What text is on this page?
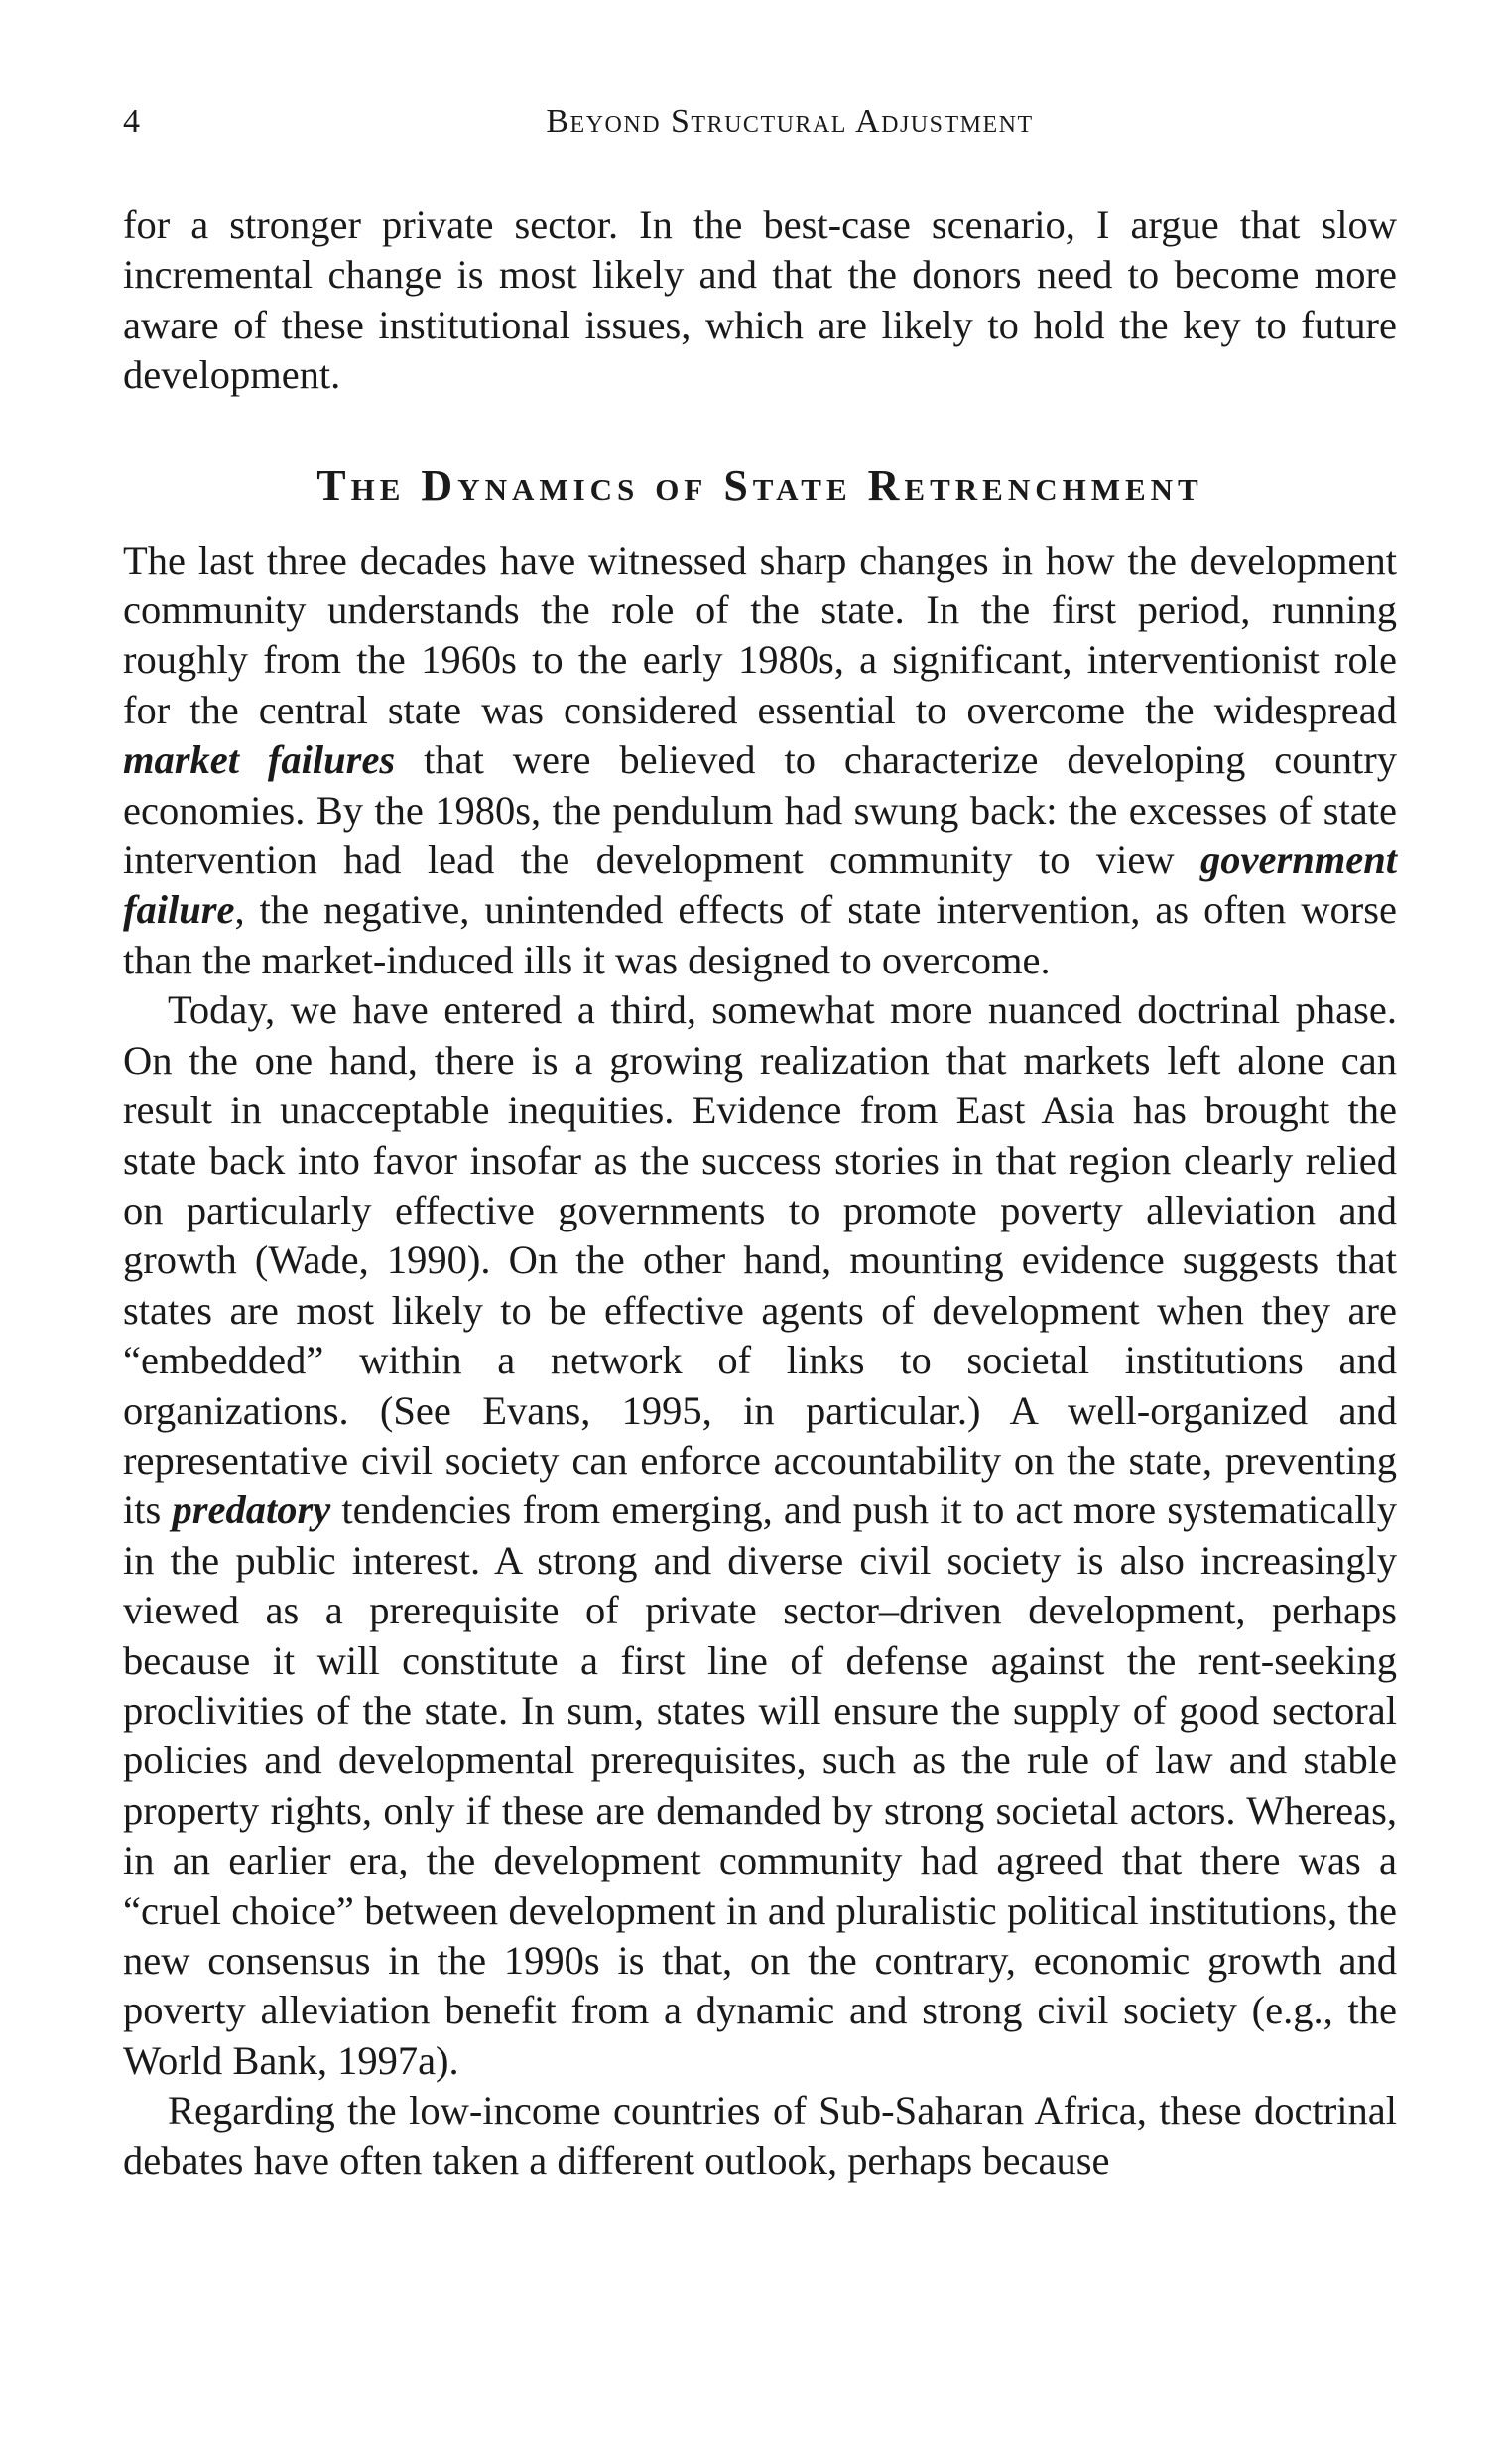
4	Beyond Structural Adjustment

for a stronger private sector. In the best-case scenario, I argue that slow incremental change is most likely and that the donors need to become more aware of these institutional issues, which are likely to hold the key to future development.

The Dynamics of State Retrenchment

The last three decades have witnessed sharp changes in how the development community understands the role of the state. In the first period, running roughly from the 1960s to the early 1980s, a significant, interventionist role for the central state was considered essential to overcome the widespread market failures that were believed to characterize developing country economies. By the 1980s, the pendulum had swung back: the excesses of state intervention had lead the development community to view government failure, the negative, unintended effects of state intervention, as often worse than the market-induced ills it was designed to overcome.

Today, we have entered a third, somewhat more nuanced doctrinal phase. On the one hand, there is a growing realization that markets left alone can result in unacceptable inequities. Evidence from East Asia has brought the state back into favor insofar as the success stories in that region clearly relied on particularly effective governments to promote poverty alleviation and growth (Wade, 1990). On the other hand, mounting evidence suggests that states are most likely to be effective agents of development when they are “embedded” within a network of links to societal institutions and organizations. (See Evans, 1995, in particular.) A well-organized and representative civil society can enforce accountability on the state, preventing its predatory tendencies from emerging, and push it to act more systematically in the public interest. A strong and diverse civil society is also increasingly viewed as a prerequisite of private sector–driven development, perhaps because it will constitute a first line of defense against the rent-seeking proclivities of the state. In sum, states will ensure the supply of good sectoral policies and developmental prerequisites, such as the rule of law and stable property rights, only if these are demanded by strong societal actors. Whereas, in an earlier era, the development community had agreed that there was a “cruel choice” between development in and pluralistic political institutions, the new consensus in the 1990s is that, on the contrary, economic growth and poverty alleviation benefit from a dynamic and strong civil society (e.g., the World Bank, 1997a).

Regarding the low-income countries of Sub-Saharan Africa, these doctrinal debates have often taken a different outlook, perhaps because
